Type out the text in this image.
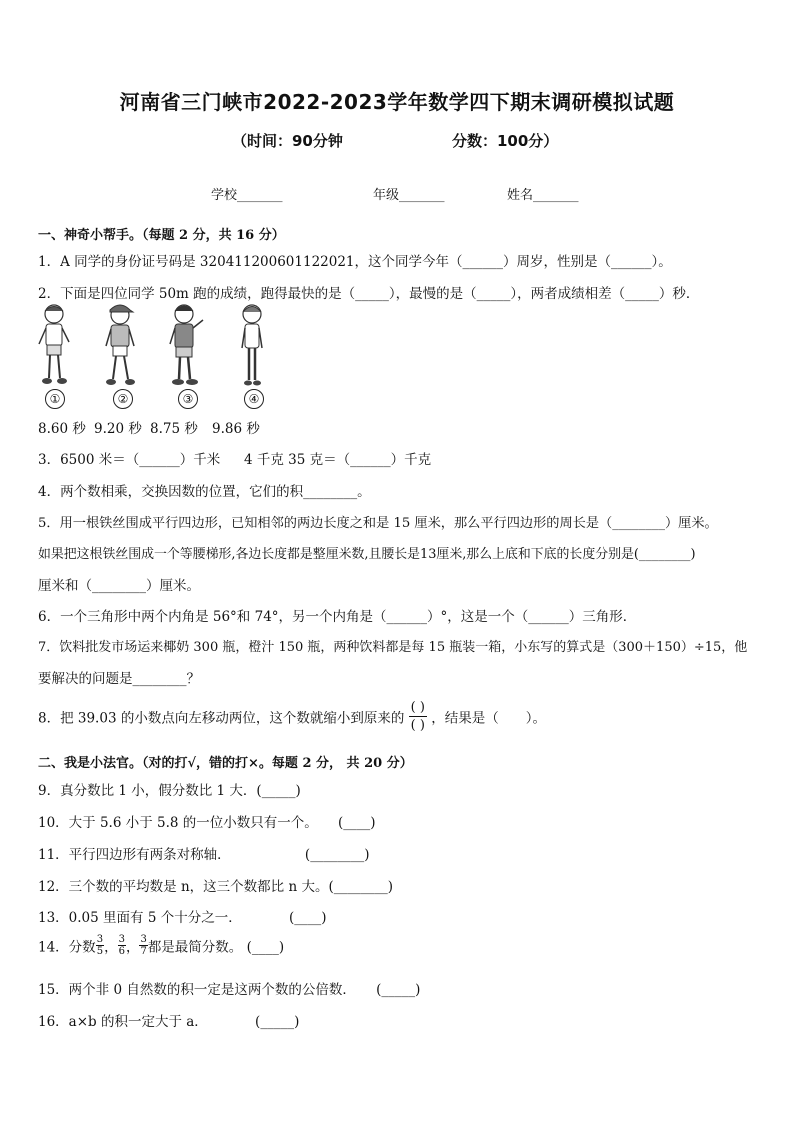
河南省三门峡市2022-2023学年数学四下期末调研模拟试题
（时间：90分钟	分数：100分）
学校_______	年级_______	姓名_______
一、神奇小帮手。（每题 2 分，共 16 分）
1．A 同学的身份证号码是 320411200601122021，这个同学今年（______）周岁，性别是（______）。
2．下面是四位同学 50m 跑的成绩，跑得最快的是（_____），最慢的是（_____），两者成绩相差（_____）秒．
①	②	③	④
8.60 秒 9.20 秒 8.75 秒 9.86 秒
3．6500 米＝（______）千米 4 千克 35 克＝（______）千克
4．两个数相乘，交换因数的位置，它们的积________。
5．用一根铁丝围成平行四边形，已知相邻的两边长度之和是 15 厘米，那么平行四边形的周长是（________）厘米。
如果把这根铁丝围成一个等腰梯形,各边长度都是整厘米数,且腰长是13厘米,那么上底和下底的长度分别是(________)
厘米和（________）厘米。
6．一个三角形中两个内角是 56°和 74°，另一个内角是（______）°，这是一个（______）三角形．
7．饮料批发市场运来椰奶 300 瓶，橙汁 150 瓶，两种饮料都是每 15 瓶装一箱，小东写的算式是（300＋150）÷15，他
要解决的问题是________？
8．把 39.03 的小数点向左移动两位，这个数就缩小到原来的
( )
( ) ，结果是（　　）。
二、我是小法官。（对的打√，错的打×。每题 2 分， 共 20 分）
9．真分数比 1 小，假分数比 1 大．(_____)
10．大于 5.6 小于 5.8 的一位小数只有一个。　　(____)
11．平行四边形有两条对称轴．　　　　　　(________)
12．三个数的平均数是 n，这三个数都比 n 大。(________)
13．0.05 里面有 5 个十分之一．　　　　(____)
14．分数 $\frac{3}{5}$ ， $\frac{3}{6}$ ， $\frac{3}{7}$ 都是最简分数。 (____)
15．两个非 0 自然数的积一定是这两个数的公倍数．　　(_____)
16．a×b 的积一定大于 a．　　　　(_____)
